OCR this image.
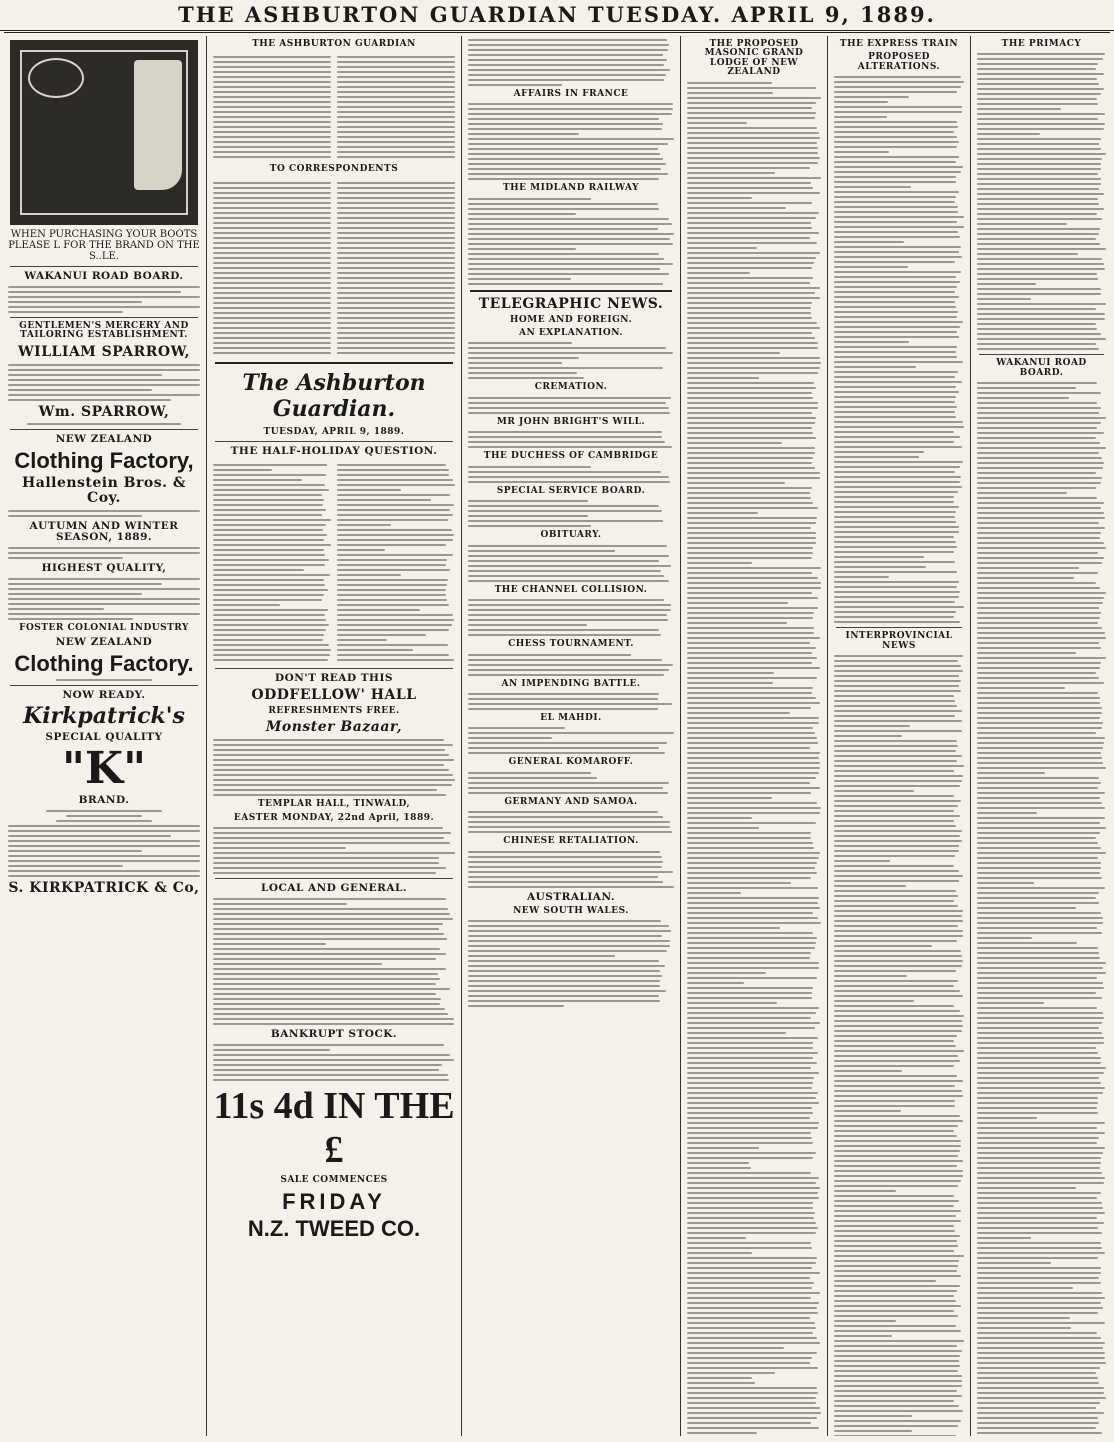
THE ASHBURTON GUARDIAN TUESDAY. APRIL 9, 1889.
WHEN PURCHASING YOUR BOOTS PLEASE L FOR THE BRAND ON THE S..LE.
WAKANUI ROAD BOARD.
GENTLEMEN'S MERCERY AND TAILORING ESTABLISHMENT.
WILLIAM SPARROW,
Wm. SPARROW,
NEW ZEALAND
Clothing Factory,
Hallenstein Bros. & Coy.
AUTUMN AND WINTER SEASON, 1889.
HIGHEST QUALITY,
FOSTER COLONIAL INDUSTRY
NEW ZEALAND
Clothing Factory.
NOW READY.
Kirkpatrick's
SPECIAL QUALITY
"K"
BRAND.
S. KIRKPATRICK & Co,
THE ASHBURTON GUARDIAN
TO CORRESPONDENTS
The Ashburton Guardian.
TUESDAY, APRIL 9, 1889.
THE HALF-HOLIDAY QUESTION.
DON'T READ THIS
ODDFELLOW' HALL
REFRESHMENTS FREE.
Monster Bazaar,
TEMPLAR HALL, TINWALD,
EASTER MONDAY, 22nd April, 1889.
LOCAL AND GENERAL.
BANKRUPT STOCK.
11s 4d IN THE £
SALE COMMENCES
FRIDAY
N.Z. TWEED CO.
AFFAIRS IN FRANCE
THE MIDLAND RAILWAY
TELEGRAPHIC NEWS.
HOME AND FOREIGN.
AN EXPLANATION.
CREMATION.
MR JOHN BRIGHT'S WILL.
THE DUCHESS OF CAMBRIDGE
SPECIAL SERVICE BOARD.
OBITUARY.
THE CHANNEL COLLISION.
CHESS TOURNAMENT.
AN IMPENDING BATTLE.
EL MAHDI.
GENERAL KOMAROFF.
GERMANY AND SAMOA.
CHINESE RETALIATION.
AUSTRALIAN.
NEW SOUTH WALES.
THE PROPOSED MASONIC GRAND LODGE OF NEW ZEALAND
THE EXPRESS TRAIN
PROPOSED ALTERATIONS.
INTERPROVINCIAL NEWS
THE PRIMACY
WAKANUI ROAD BOARD.
